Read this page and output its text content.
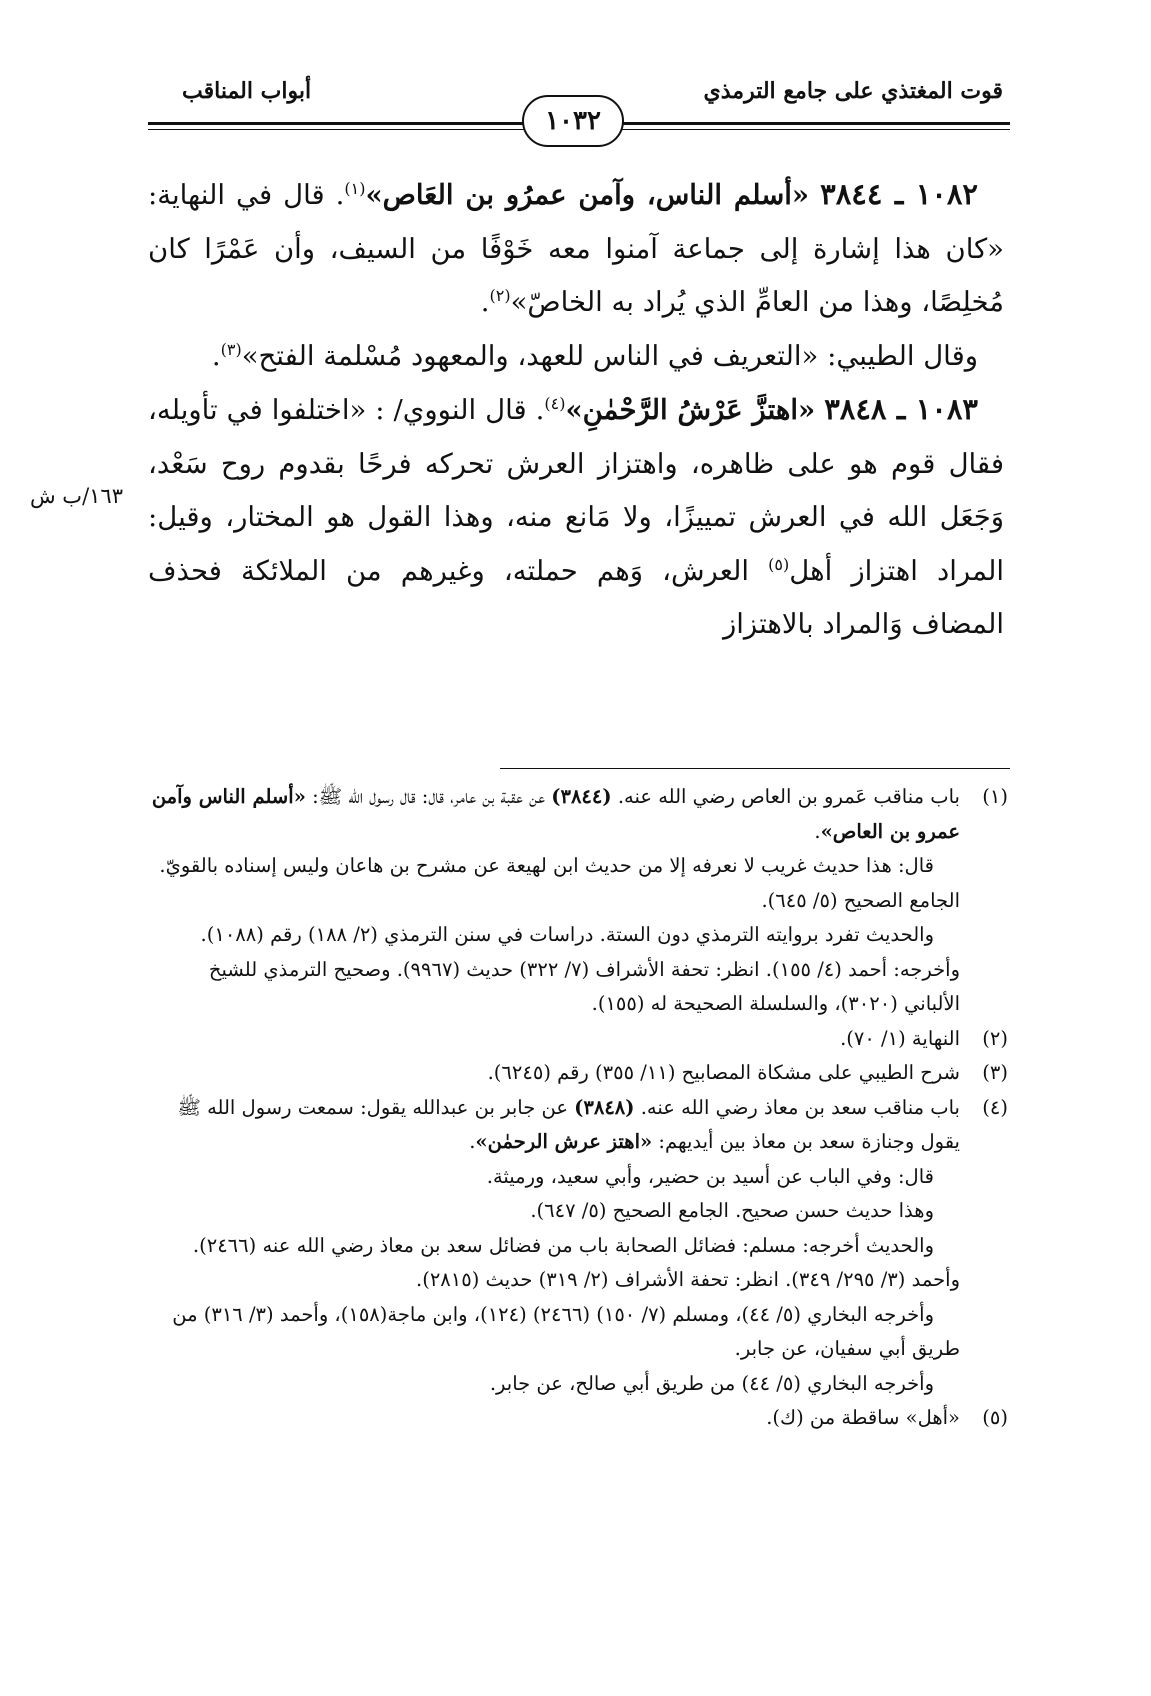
قوت المغتذي على جامع الترمذي
أبواب المناقب
١٠٣٢
١٦٣/ب ش

١٠٨٢ ـ ٣٨٤٤ «أسلم الناس، وآمن عمرُو بن العَاص»$^{(١)}$. قال في النهاية: «كان هذا إشارة إلى جماعة آمنوا معه خَوْفًا من السيف، وأن عَمْرًا كان مُخلِصًا، وهذا من العامِّ الذي يُراد به الخاصّ»$^{(٢)}$.

وقال الطيبي: «التعريف في الناس للعهد، والمعهود مُسْلمة الفتح»$^{(٣)}$.

١٠٨٣ ـ ٣٨٤٨ «اهتزَّ عَرْشُ الرَّحْمٰنِ»$^{(٤)}$. قال النووي/ : «اختلفوا في تأويله، فقال قوم هو على ظاهره، واهتزاز العرش تحركه فرحًا بقدوم روح سَعْد، وَجَعَل الله في العرش تمييزًا، ولا مَانع منه، وهذا القول هو المختار، وقيل: المراد اهتزاز أهل$^{(٥)}$ العرش، وَهم حملته، وغيرهم من الملائكة فحذف المضاف وَالمراد بالاهتزاز

(١)

باب مناقب عَمرو بن العاص رضي الله عنه. (٣٨٤٤) عن عقبة بن عامر، قال: قال رسول الله ﷺ: «أسلم الناس وآمن عمرو بن العاص».

قال: هذا حديث غريب لا نعرفه إلا من حديث ابن لهيعة عن مشرح بن هاعان وليس إسناده بالقويّ. الجامع الصحيح (٥/ ٦٤٥).

والحديث تفرد بروايته الترمذي دون الستة. دراسات في سنن الترمذي (٢/ ١٨٨) رقم (١٠٨٨). وأخرجه: أحمد (٤/ ١٥٥). انظر: تحفة الأشراف (٧/ ٣٢٢) حديث (٩٩٦٧). وصحيح الترمذي للشيخ الألباني (٣٠٢٠)، والسلسلة الصحيحة له (١٥٥).

(٢)

النهاية (١/ ٧٠).

(٣)

شرح الطيبي على مشكاة المصابيح (١١/ ٣٥٥) رقم (٦٢٤٥).

(٤)

باب مناقب سعد بن معاذ رضي الله عنه. (٣٨٤٨) عن جابر بن عبدالله يقول: سمعت رسول الله ﷺ يقول وجنازة سعد بن معاذ بين أيديهم: «اهتز عرش الرحمٰن».

قال: وفي الباب عن أسيد بن حضير، وأبي سعيد، ورميثة.

وهذا حديث حسن صحيح. الجامع الصحيح (٥/ ٦٤٧).

والحديث أخرجه: مسلم: فضائل الصحابة باب من فضائل سعد بن معاذ رضي الله عنه (٢٤٦٦). وأحمد (٣/ ٢٩٥/ ٣٤٩). انظر: تحفة الأشراف (٢/ ٣١٩) حديث (٢٨١٥).

وأخرجه البخاري (٥/ ٤٤)، ومسلم (٧/ ١٥٠) (٢٤٦٦) (١٢٤)، وابن ماجة(١٥٨)، وأحمد (٣/ ٣١٦) من طريق أبي سفيان، عن جابر.

وأخرجه البخاري (٥/ ٤٤) من طريق أبي صالح، عن جابر.

(٥)

«أهل» ساقطة من (ك).
